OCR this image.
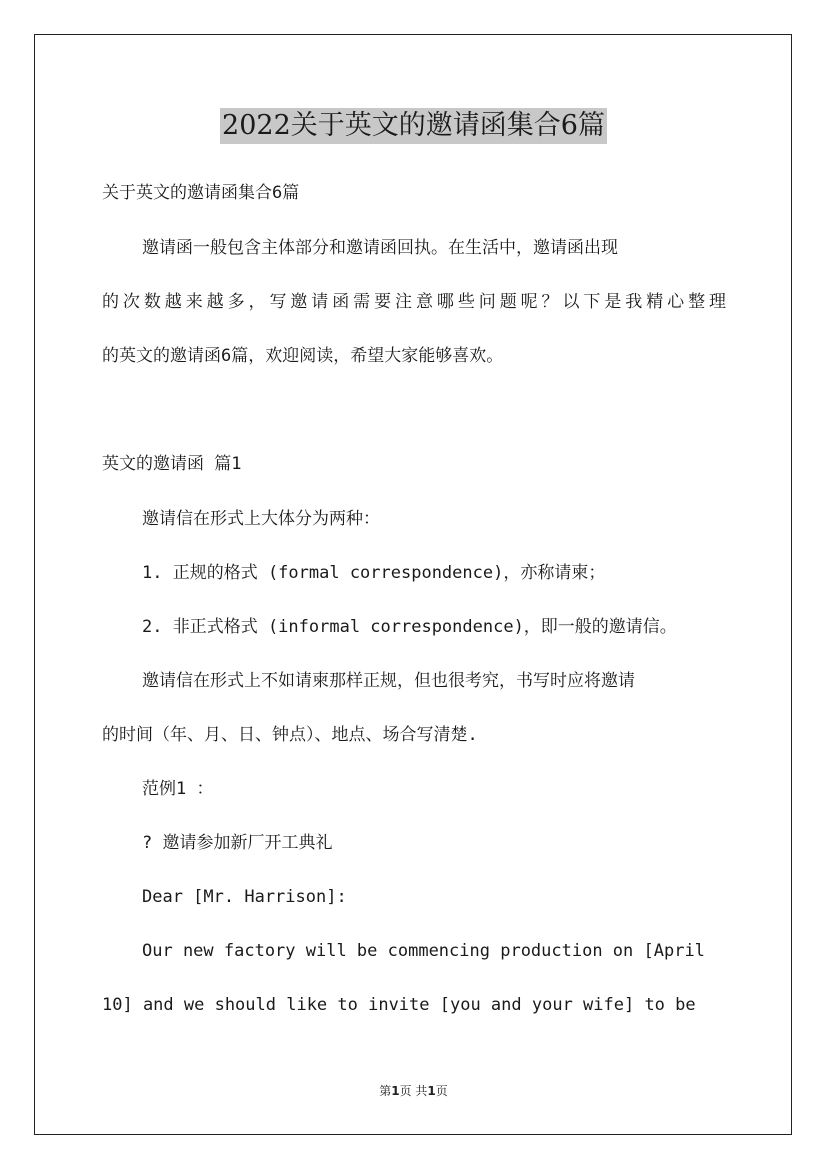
2022关于英文的邀请函集合6篇

关于英文的邀请函集合6篇

邀请函一般包含主体部分和邀请函回执。在生活中，邀请函出现

的次数越来越多，写邀请函需要注意哪些问题呢？以下是我精心整理

的英文的邀请函6篇，欢迎阅读，希望大家能够喜欢。

英文的邀请函 篇1

邀请信在形式上大体分为两种：

1. 正规的格式 (formal correspondence)，亦称请柬；

2. 非正式格式 (informal correspondence)，即一般的邀请信。

邀请信在形式上不如请柬那样正规，但也很考究，书写时应将邀请

的时间（年、月、日、钟点）、地点、场合写清楚.

范例1 ：

? 邀请参加新厂开工典礼

Dear [Mr. Harrison]:

Our new factory will be commencing production on [April

10] and we should like to invite [you and your wife] to be

第1页 共1页
